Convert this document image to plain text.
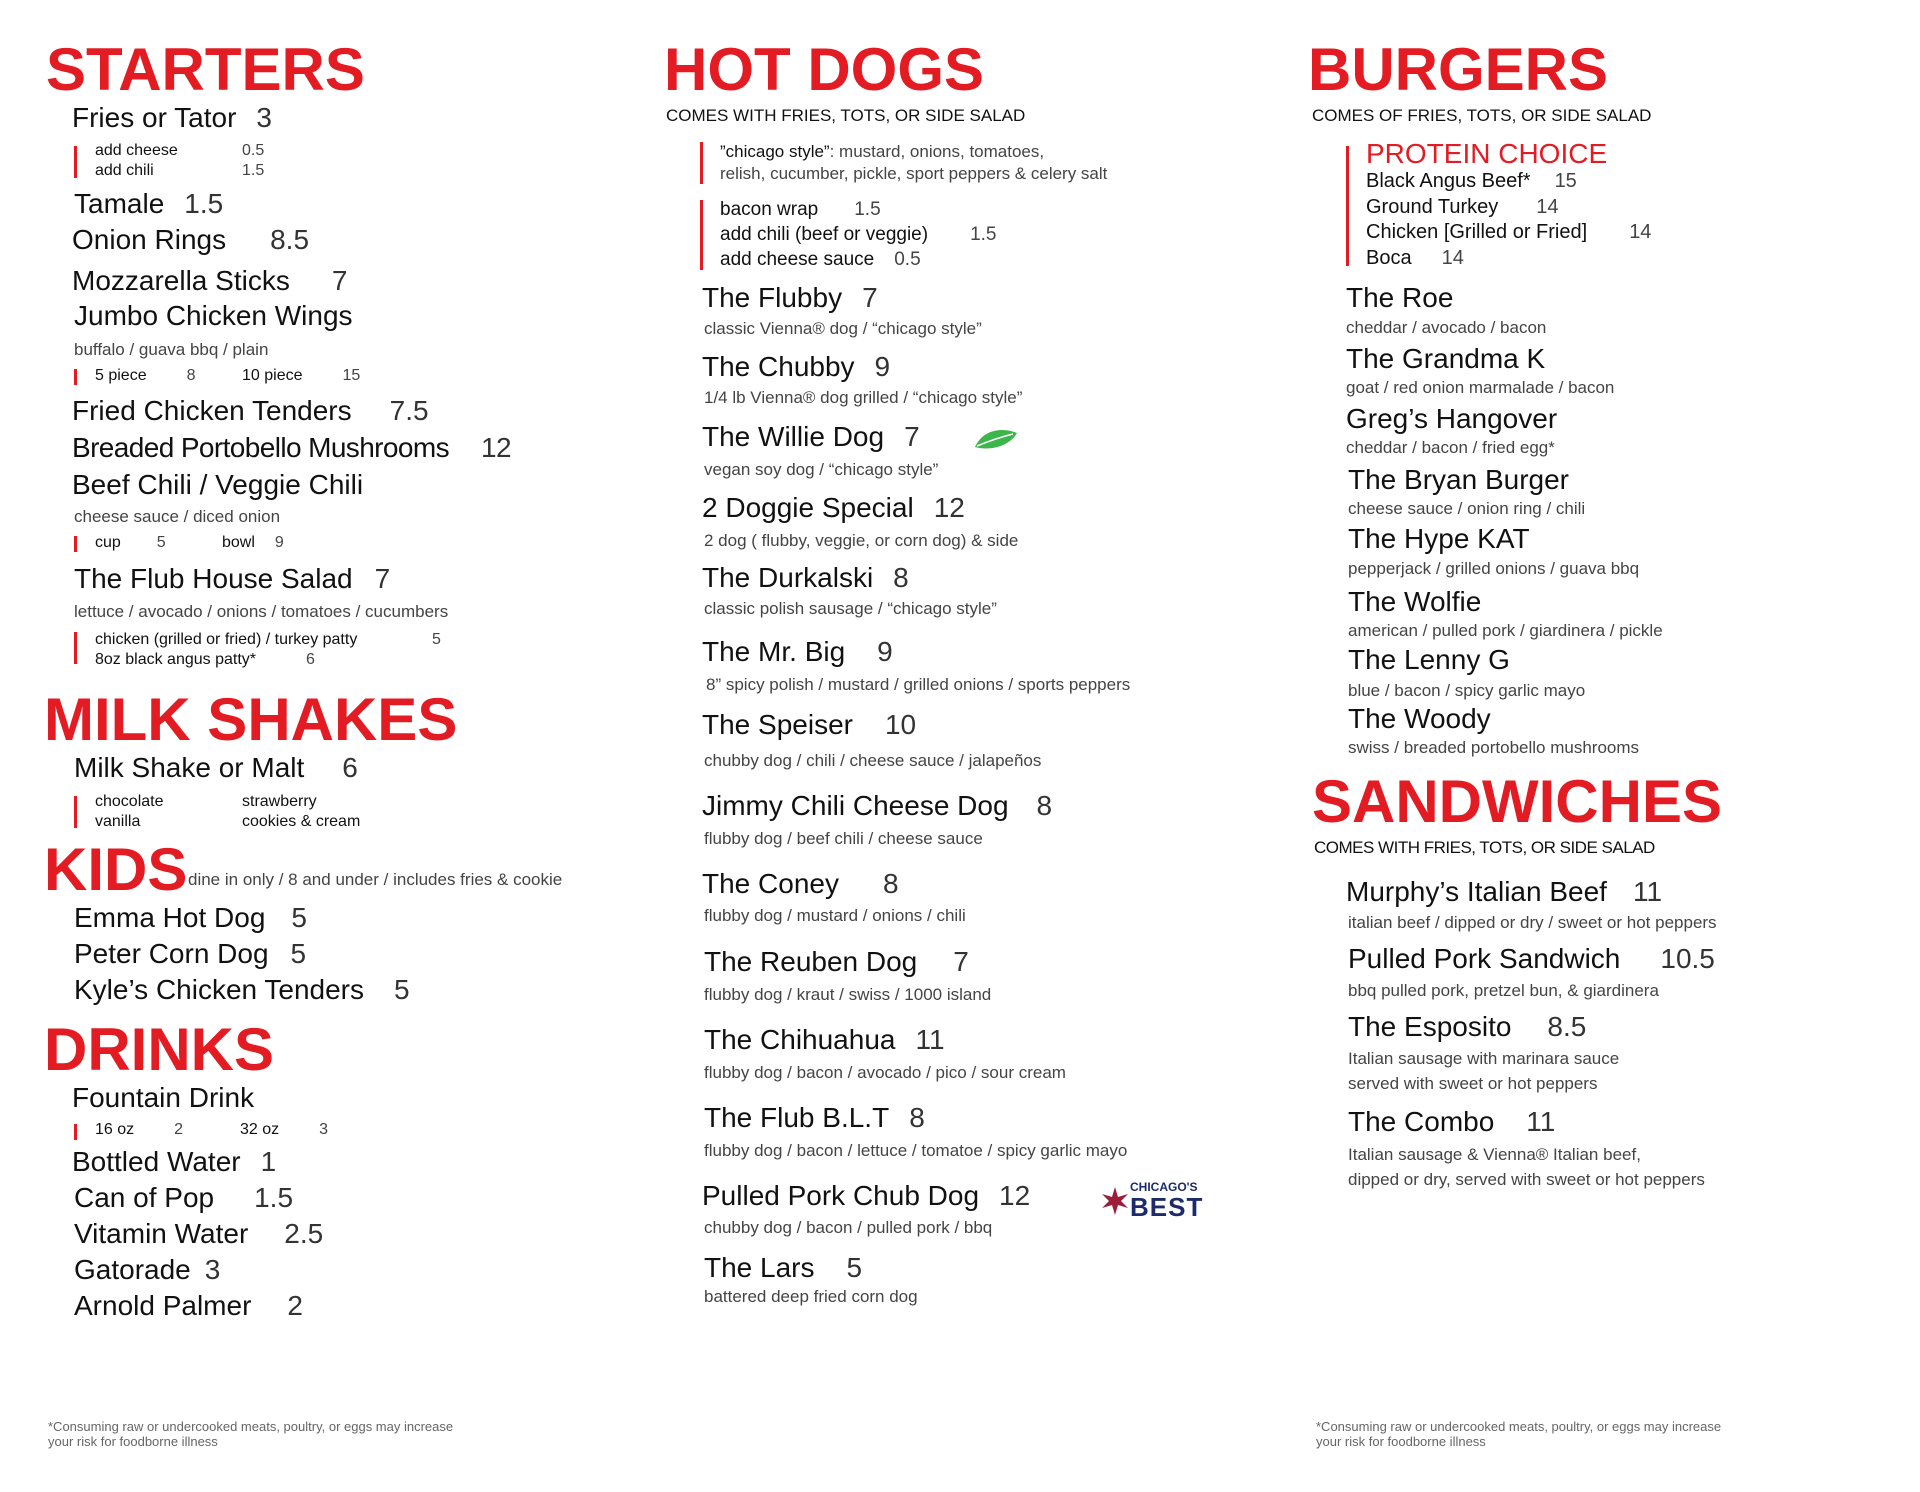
STARTERS
Fries or Tator 3
add cheese	0.5
add chili	1.5
Tamale 1.5
Onion Rings 8.5
Mozzarella Sticks 7
Jumbo Chicken Wings
buffalo / guava bbq / plain
5 piece	8	10 piece	15
Fried Chicken Tenders 7.5
Breaded Portobello Mushrooms 12
Beef Chili / Veggie Chili
cheese sauce / diced onion
cup 5	bowl 9
The Flub House Salad 7
lettuce / avocado / onions / tomatoes / cucumbers
chicken (grilled or fried) / turkey patty	5
8oz black angus patty*	6
MILK SHAKES
Milk Shake or Malt 6
chocolate	strawberry
vanilla	cookies & cream
KIDS dine in only / 8 and under / includes fries & cookie
Emma Hot Dog 5
Peter Corn Dog 5
Kyle’s Chicken Tenders 5
DRINKS
Fountain Drink
16 oz	2	32 oz	3
Bottled Water 1
Can of Pop 1.5
Vitamin Water 2.5
Gatorade 3
Arnold Palmer 2
*Consuming raw or undercooked meats, poultry, or eggs may increase your risk for foodborne illness
HOT DOGS
COMES WITH FRIES, TOTS, OR SIDE SALAD
”chicago style”: mustard, onions, tomatoes,
relish, cucumber, pickle, sport peppers & celery salt
bacon wrap 1.5
add chili (beef or veggie) 1.5
add cheese sauce 0.5
The Flubby 7
classic Vienna® dog / “chicago style”
The Chubby 9
1/4 lb Vienna® dog grilled / “chicago style”
The Willie Dog 7
vegan soy dog / “chicago style”
2 Doggie Special 12
2 dog ( flubby, veggie, or corn dog) & side
The Durkalski 8
classic polish sausage / “chicago style”
The Mr. Big 9
8” spicy polish / mustard / grilled onions / sports peppers
The Speiser 10
chubby dog / chili / cheese sauce / jalapeños
Jimmy Chili Cheese Dog 8
flubby dog / beef chili / cheese sauce
The Coney 8
flubby dog / mustard / onions / chili
The Reuben Dog 7
flubby dog / kraut / swiss / 1000 island
The Chihuahua 11
flubby dog / bacon / avocado / pico / sour cream
The Flub B.L.T 8
flubby dog / bacon / lettuce / tomatoe / spicy garlic mayo
Pulled Pork Chub Dog 12	CHICAGO'S
BEST
chubby dog / bacon / pulled pork / bbq
The Lars 5
battered deep fried corn dog
BURGERS
COMES OF FRIES, TOTS, OR SIDE SALAD
PROTEIN CHOICE
Black Angus Beef* 15
Ground Turkey 14
Chicken [Grilled or Fried] 14
Boca 14
The Roe
cheddar / avocado / bacon
The Grandma K
goat / red onion marmalade / bacon
Greg’s Hangover
cheddar / bacon / fried egg*
The Bryan Burger
cheese sauce / onion ring / chili
The Hype KAT
pepperjack / grilled onions / guava bbq
The Wolfie
american / pulled pork / giardinera / pickle
The Lenny G
blue / bacon / spicy garlic mayo
The Woody
swiss / breaded portobello mushrooms
SANDWICHES
COMES WITH FRIES, TOTS, OR SIDE SALAD
Murphy’s Italian Beef 11
italian beef / dipped or dry / sweet or hot peppers
Pulled Pork Sandwich 10.5
bbq pulled pork, pretzel bun, & giardinera
The Esposito 8.5
Italian sausage with marinara sauce
served with sweet or hot peppers
The Combo 11
Italian sausage & Vienna® Italian beef,
dipped or dry, served with sweet or hot peppers
*Consuming raw or undercooked meats, poultry, or eggs may increase your risk for foodborne illness
